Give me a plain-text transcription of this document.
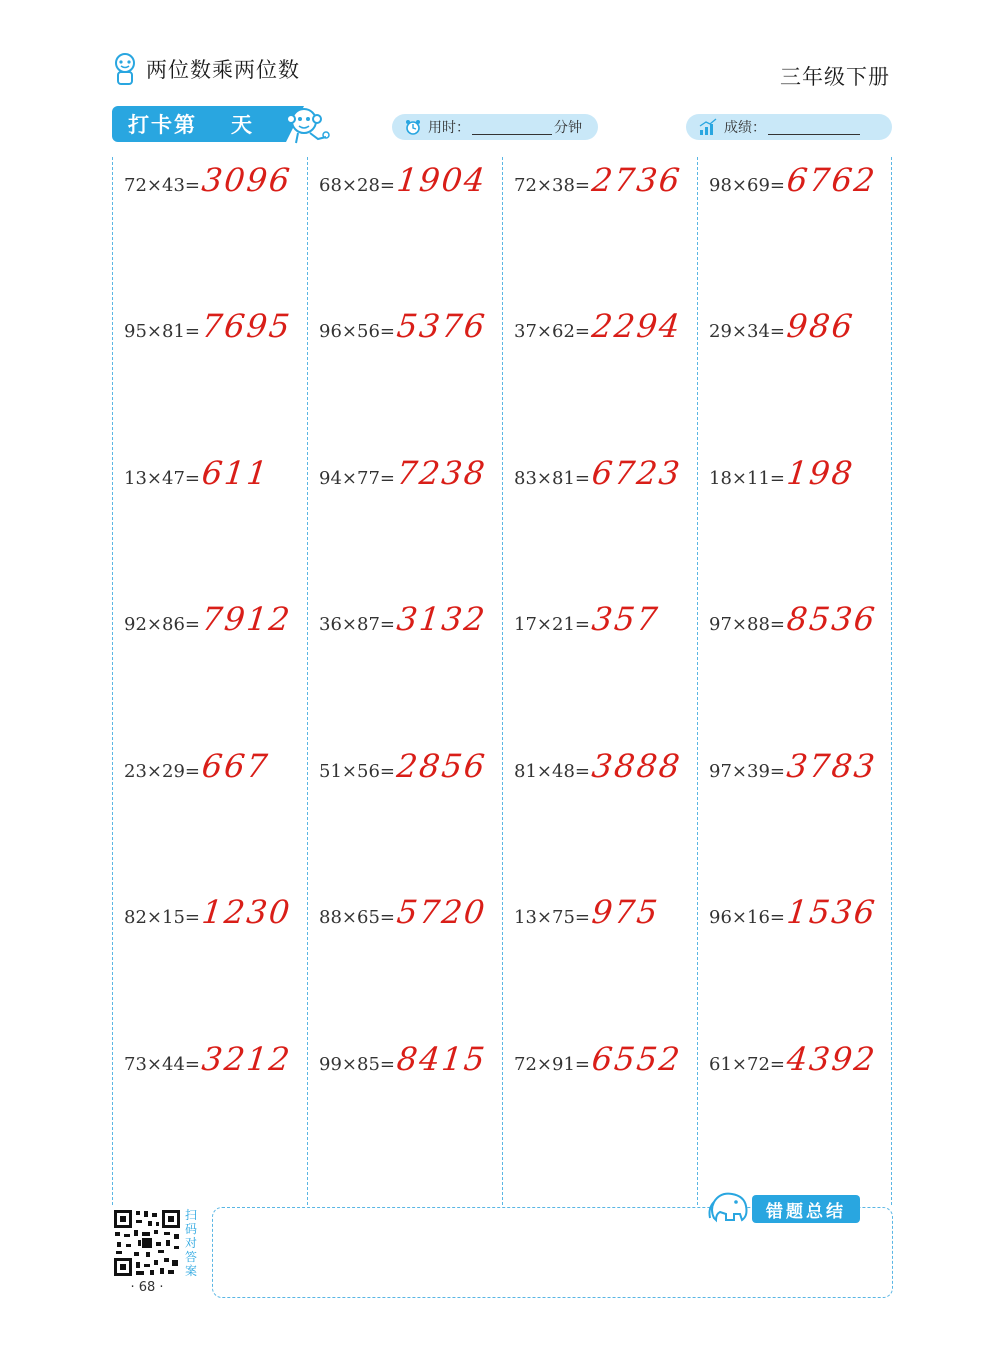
两位数乘两位数	三年级下册
打卡第 天	用时：	分钟	成绩：
72×43= 3096
95×81= 7695
13×47= 611
92×86= 7912
23×29= 667
82×15= 1230
73×44= 3212
68×28= 1904
96×56= 5376
94×77= 7238
36×87= 3132
51×56= 2856
88×65= 5720
99×85= 8415
72×38= 2736
37×62= 2294
83×81= 6723
17×21= 357
81×48= 3888
13×75= 975
72×91= 6552
98×69= 6762
29×34= 986
18×11= 198
97×88= 8536
97×39= 3783
96×16= 1536
61×72= 4392
错题总结
扫码对答案
· 68 ·
